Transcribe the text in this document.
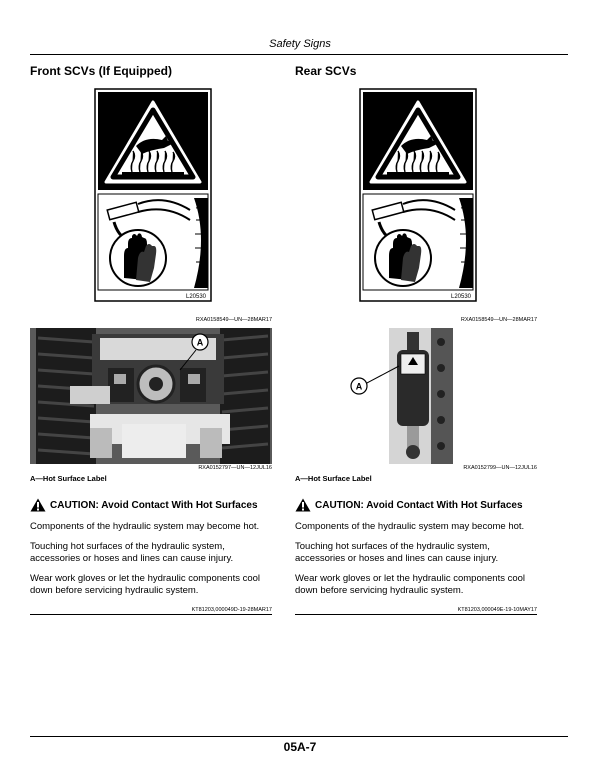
Safety Signs
Front SCVs (If Equipped)
L20530
RXA0158549—UN—28MAR17
A
RXA0152797—UN—12JUL16
A—Hot Surface Label
CAUTION: Avoid Contact With Hot Surfaces

Components of the hydraulic system may become hot.

Touching hot surfaces of the hydraulic system, accessories or hoses and lines can cause injury.

Wear work gloves or let the hydraulic components cool down before servicing hydraulic system.

KT81203,000049D-19-28MAR17
Rear SCVs
L20530
RXA0158549—UN—28MAR17
A
RXA0152799—UN—12JUL16
A—Hot Surface Label
CAUTION: Avoid Contact With Hot Surfaces

Components of the hydraulic system may become hot.

Touching hot surfaces of the hydraulic system, accessories or hoses and lines can cause injury.

Wear work gloves or let the hydraulic components cool down before servicing hydraulic system.

KT81203,000049E-19-10MAY17
05A-7
